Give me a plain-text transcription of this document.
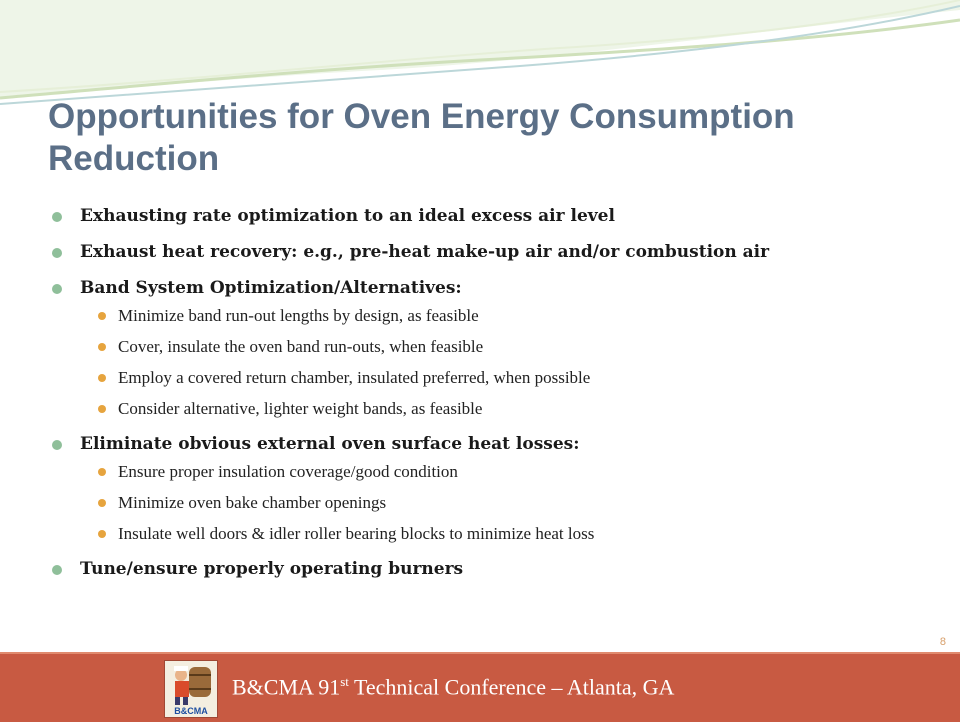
Opportunities for Oven Energy Consumption Reduction
Exhausting rate optimization to an ideal excess air level
Exhaust heat recovery: e.g., pre-heat make-up air and/or combustion air
Band System Optimization/Alternatives:
Minimize band run-out lengths by design, as feasible
Cover, insulate the oven band run-outs, when feasible
Employ a covered return chamber, insulated preferred, when possible
Consider alternative, lighter weight bands, as feasible
Eliminate obvious external oven surface heat losses:
Ensure proper insulation coverage/good condition
Minimize oven bake chamber openings
Insulate well doors & idler roller bearing blocks to minimize heat loss
Tune/ensure properly operating burners
8
B&CMA
B&CMA 91st Technical Conference – Atlanta, GA
